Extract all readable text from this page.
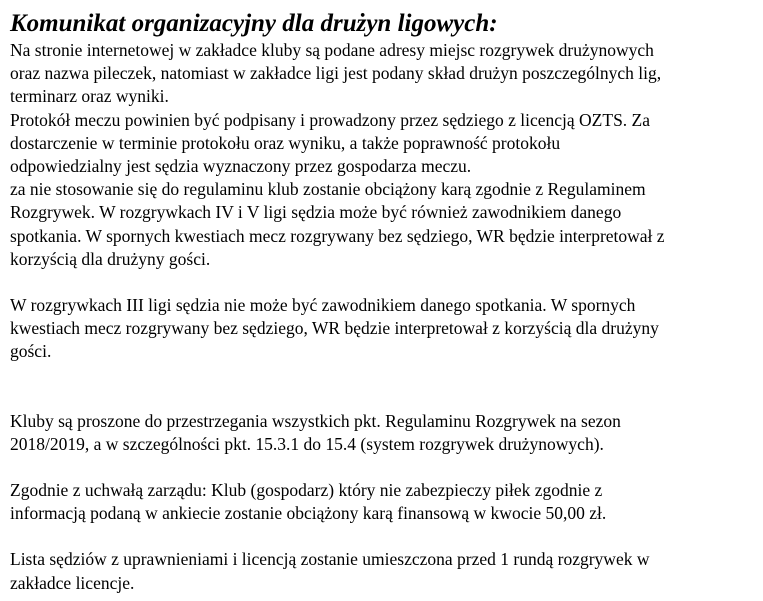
Komunikat organizacyjny dla drużyn ligowych:

Na stronie internetowej w zakładce kluby są podane adresy miejsc rozgrywek drużynowych

oraz nazwa pileczek, natomiast w zakładce ligi jest podany skład drużyn poszczególnych lig,

terminarz oraz wyniki.

Protokół meczu powinien być podpisany i prowadzony przez sędziego z licencją OZTS. Za

dostarczenie w terminie protokołu oraz wyniku, a także poprawność protokołu

odpowiedzialny jest sędzia wyznaczony przez gospodarza meczu.

za nie stosowanie się do regulaminu klub zostanie obciążony karą zgodnie z Regulaminem

Rozgrywek. W rozgrywkach IV i V ligi sędzia może być również zawodnikiem danego

spotkania. W spornych kwestiach mecz rozgrywany bez sędziego, WR będzie interpretował z

korzyścią dla drużyny gości.

W rozgrywkach III ligi sędzia nie może być zawodnikiem danego spotkania. W spornych

kwestiach mecz rozgrywany bez sędziego, WR będzie interpretował z korzyścią dla drużyny

gości.

Kluby są proszone do przestrzegania wszystkich pkt. Regulaminu Rozgrywek na sezon

2018/2019, a w szczególności pkt. 15.3.1 do 15.4 (system rozgrywek drużynowych).

Zgodnie z uchwałą zarządu: Klub (gospodarz) który nie zabezpieczy piłek zgodnie z

informacją podaną w ankiecie zostanie obciążony karą finansową w kwocie 50,00 zł.

Lista sędziów z uprawnieniami i licencją zostanie umieszczona przed 1 rundą rozgrywek w

zakładce licencje.
